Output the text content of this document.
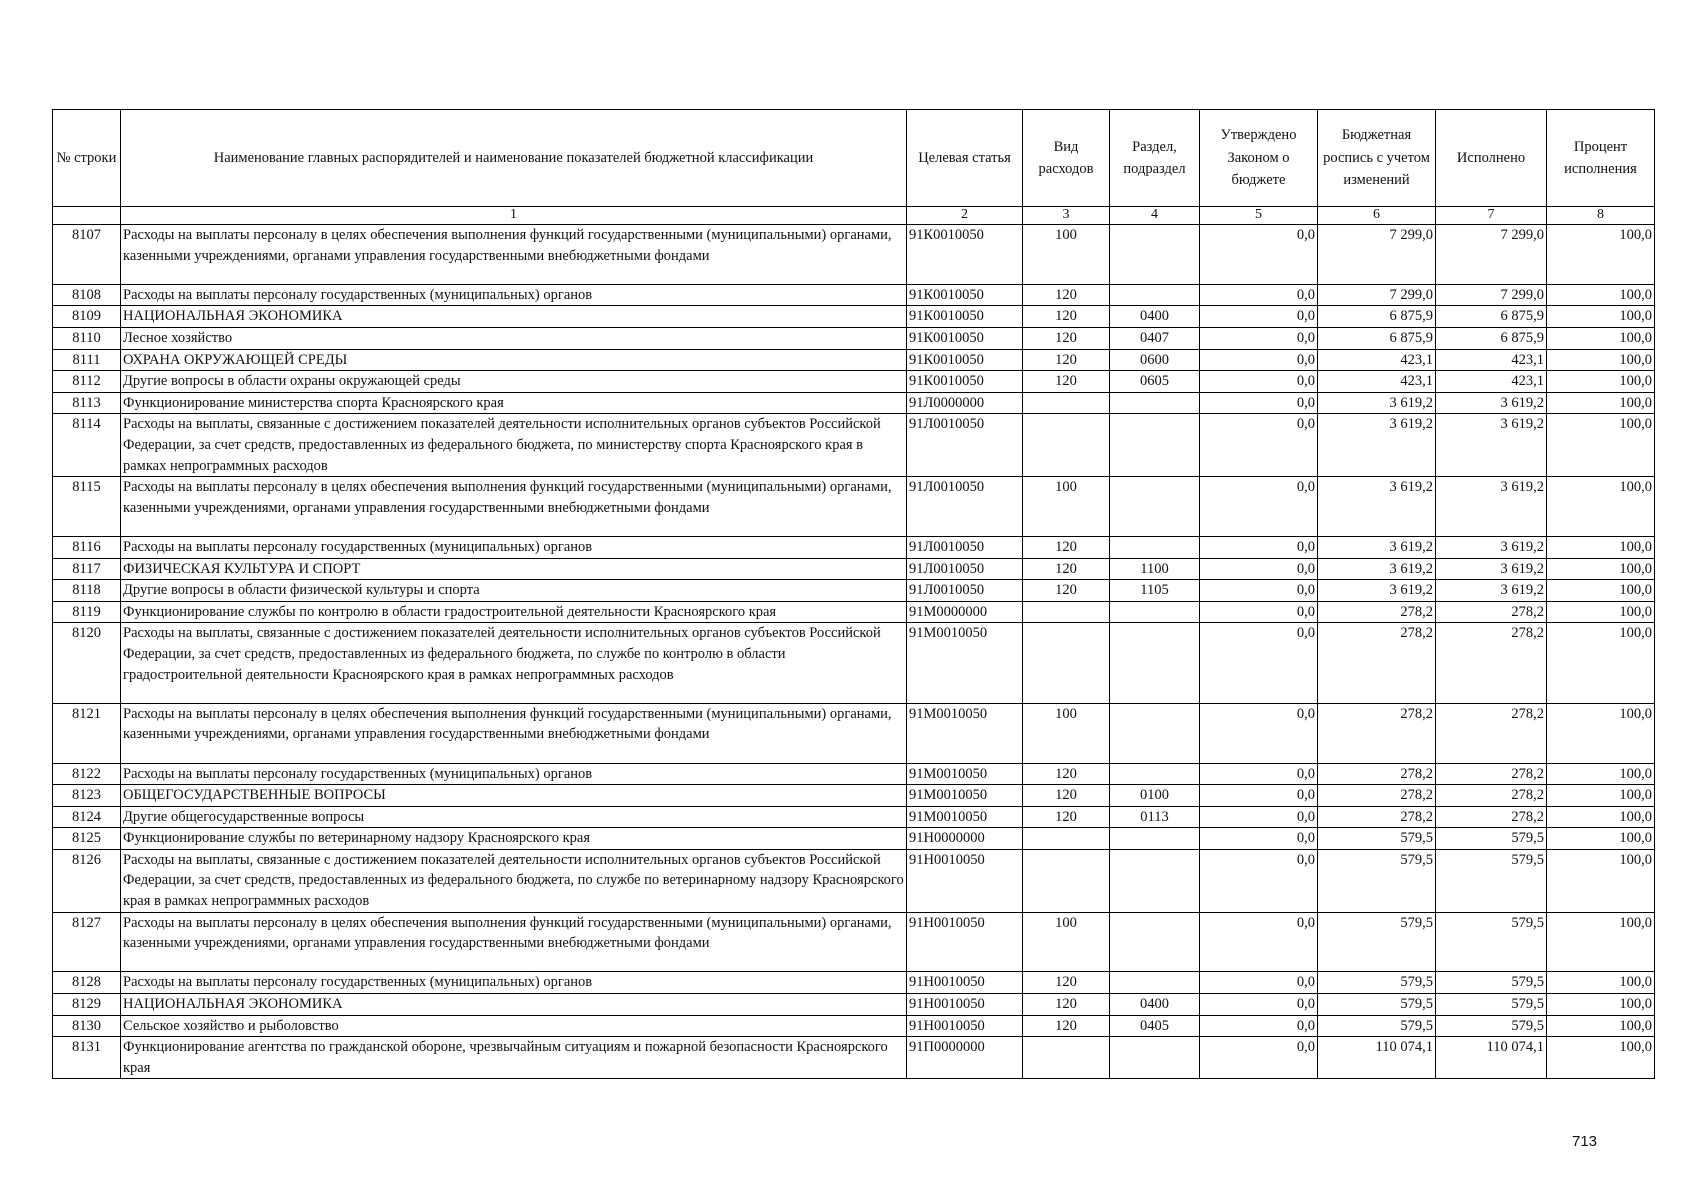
№ строки	Наименование главных распорядителей и наименование показателей бюджетной классификации	Целевая статья	Вид расходов	Раздел, подраздел	Утверждено Законом о бюджете	Бюджетная роспись с учетом изменений	Исполнено	Процент исполнения
	1	2	3	4	5	6	7	8
8107	Расходы на выплаты персоналу в целях обеспечения выполнения функций государственными (муниципальными) органами, казенными учреждениями, органами управления государственными внебюджетными фондами	91К0010050	100		0,0	7 299,0	7 299,0	100,0
8108	Расходы на выплаты персоналу государственных (муниципальных) органов	91К0010050	120		0,0	7 299,0	7 299,0	100,0
8109	НАЦИОНАЛЬНАЯ ЭКОНОМИКА	91К0010050	120	0400	0,0	6 875,9	6 875,9	100,0
8110	Лесное хозяйство	91К0010050	120	0407	0,0	6 875,9	6 875,9	100,0
8111	ОХРАНА ОКРУЖАЮЩЕЙ СРЕДЫ	91К0010050	120	0600	0,0	423,1	423,1	100,0
8112	Другие вопросы в области охраны окружающей среды	91К0010050	120	0605	0,0	423,1	423,1	100,0
8113	Функционирование министерства спорта Красноярского края	91Л0000000			0,0	3 619,2	3 619,2	100,0
8114	Расходы на выплаты, связанные с достижением показателей деятельности исполнительных органов субъектов Российской Федерации, за счет средств, предоставленных из федерального бюджета, по министерству спорта Красноярского края в рамках непрограммных расходов	91Л0010050			0,0	3 619,2	3 619,2	100,0
8115	Расходы на выплаты персоналу в целях обеспечения выполнения функций государственными (муниципальными) органами, казенными учреждениями, органами управления государственными внебюджетными фондами	91Л0010050	100		0,0	3 619,2	3 619,2	100,0
8116	Расходы на выплаты персоналу государственных (муниципальных) органов	91Л0010050	120		0,0	3 619,2	3 619,2	100,0
8117	ФИЗИЧЕСКАЯ КУЛЬТУРА И СПОРТ	91Л0010050	120	1100	0,0	3 619,2	3 619,2	100,0
8118	Другие вопросы в области физической культуры и спорта	91Л0010050	120	1105	0,0	3 619,2	3 619,2	100,0
8119	Функционирование службы по контролю в области градостроительной деятельности Красноярского края	91М0000000			0,0	278,2	278,2	100,0
8120	Расходы на выплаты, связанные с достижением показателей деятельности исполнительных органов субъектов Российской Федерации, за счет средств, предоставленных из федерального бюджета, по службе по контролю в области градостроительной деятельности Красноярского края в рамках непрограммных расходов	91М0010050			0,0	278,2	278,2	100,0
8121	Расходы на выплаты персоналу в целях обеспечения выполнения функций государственными (муниципальными) органами, казенными учреждениями, органами управления государственными внебюджетными фондами	91М0010050	100		0,0	278,2	278,2	100,0
8122	Расходы на выплаты персоналу государственных (муниципальных) органов	91М0010050	120		0,0	278,2	278,2	100,0
8123	ОБЩЕГОСУДАРСТВЕННЫЕ ВОПРОСЫ	91М0010050	120	0100	0,0	278,2	278,2	100,0
8124	Другие общегосударственные вопросы	91М0010050	120	0113	0,0	278,2	278,2	100,0
8125	Функционирование службы по ветеринарному надзору Красноярского края	91Н0000000			0,0	579,5	579,5	100,0
8126	Расходы на выплаты, связанные с достижением показателей деятельности исполнительных органов субъектов Российской Федерации, за счет средств, предоставленных из федерального бюджета, по службе по ветеринарному надзору Красноярского края в рамках непрограммных расходов	91Н0010050			0,0	579,5	579,5	100,0
8127	Расходы на выплаты персоналу в целях обеспечения выполнения функций государственными (муниципальными) органами, казенными учреждениями, органами управления государственными внебюджетными фондами	91Н0010050	100		0,0	579,5	579,5	100,0
8128	Расходы на выплаты персоналу государственных (муниципальных) органов	91Н0010050	120		0,0	579,5	579,5	100,0
8129	НАЦИОНАЛЬНАЯ ЭКОНОМИКА	91Н0010050	120	0400	0,0	579,5	579,5	100,0
8130	Сельское хозяйство и рыболовство	91Н0010050	120	0405	0,0	579,5	579,5	100,0
8131	Функционирование агентства по гражданской обороне, чрезвычайным ситуациям и пожарной безопасности Красноярского края	91П0000000			0,0	110 074,1	110 074,1	100,0
713
